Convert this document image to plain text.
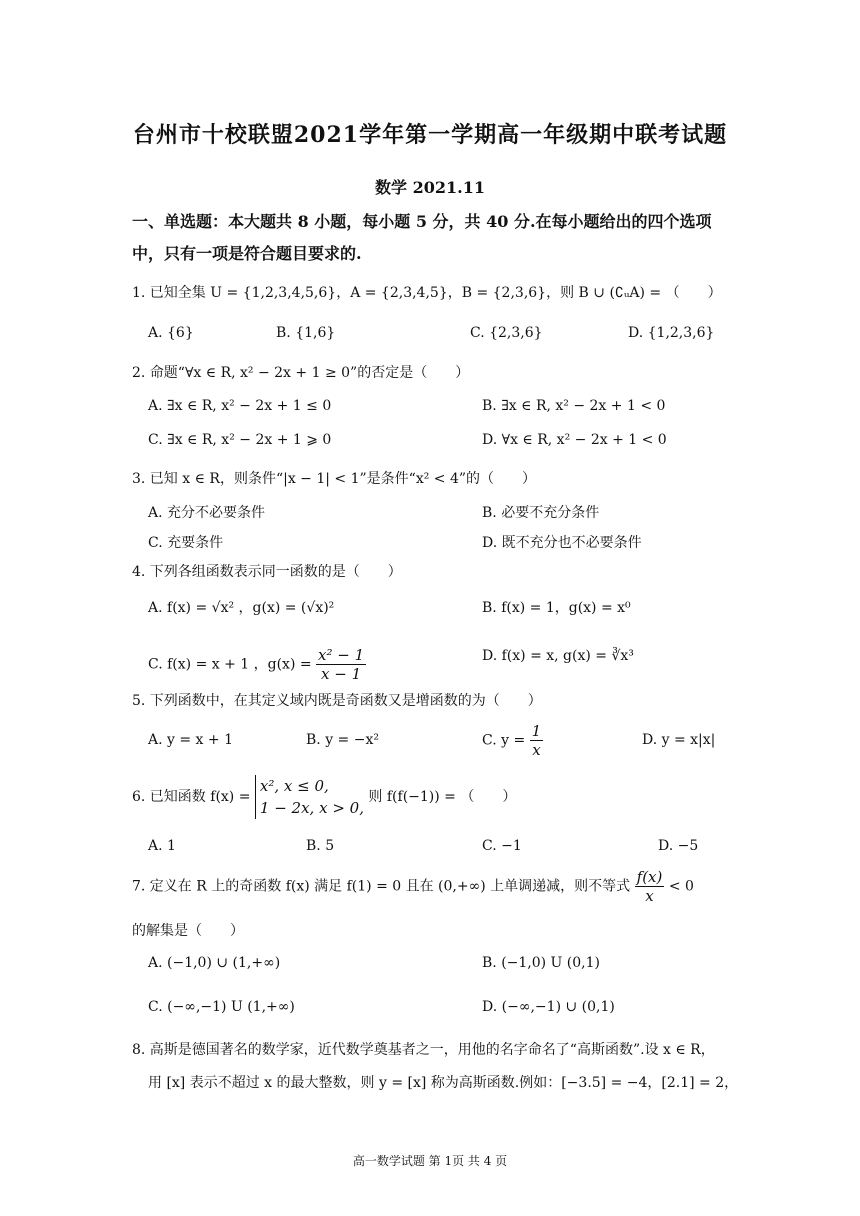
台州市十校联盟2021学年第一学期高一年级期中联考试题
数学 2021.11
一、单选题：本大题共 8 小题，每小题 5 分，共 40 分.在每小题给出的四个选项
中，只有一项是符合题目要求的.
1. 已知全集 U = {1,2,3,4,5,6}，A = {2,3,4,5}，B = {2,3,6}，则 B ∪ (∁ᵤA) = （　　）
A. {6}	B. {1,6}	C. {2,3,6}	D. {1,2,3,6}
2. 命题“∀x ∈ R, x² − 2x + 1 ≥ 0”的否定是（　　）
A. ∃x ∈ R, x² − 2x + 1 ≤ 0	B. ∃x ∈ R, x² − 2x + 1 < 0
C. ∃x ∈ R, x² − 2x + 1 ⩾ 0	D. ∀x ∈ R, x² − 2x + 1 < 0
3. 已知 x ∈ R，则条件“|x − 1| < 1”是条件“x² < 4”的（　　）
A. 充分不必要条件	B. 必要不充分条件
C. 充要条件	D. 既不充分也不必要条件
4. 下列各组函数表示同一函数的是（　　）
A. f(x) = √x² ，g(x) = (√x)²	B. f(x) = 1，g(x) = x⁰
C. f(x) = x + 1 ，$g(x) = \frac{\text{x² − 1}}{x - 1}$	D. f(x) = x, g(x) = ∛x³
5. 下列函数中，在其定义域内既是奇函数又是增函数的为（　　）
A. y = x + 1	B. y = −x²	C. $y = \frac{1}{x}$	D. y = x|x|
6. 已知函数 f(x) =
x², x ≤ 0,
1 − 2x, x > 0,
则 f(f(−1)) = （　　）
A. 1	B. 5	C. −1	D. −5
7. 定义在 R 上的奇函数 f(x) 满足 f(1) = 0 且在 (0,+∞) 上单调递减，则不等式 $\frac{f(x)}{x} < 0$
的解集是（　　）
A. (−1,0) ∪ (1,+∞)	B. (−1,0) U (0,1)
C. (−∞,−1) U (1,+∞)	D. (−∞,−1) ∪ (0,1)
8. 高斯是德国著名的数学家，近代数学奠基者之一，用他的名字命名了“高斯函数”.设 x ∈ R，
用 [x] 表示不超过 x 的最大整数，则 y = [x] 称为高斯函数.例如：[−3.5] = −4，[2.1] = 2，
高一数学试题 第 1页 共 4 页
